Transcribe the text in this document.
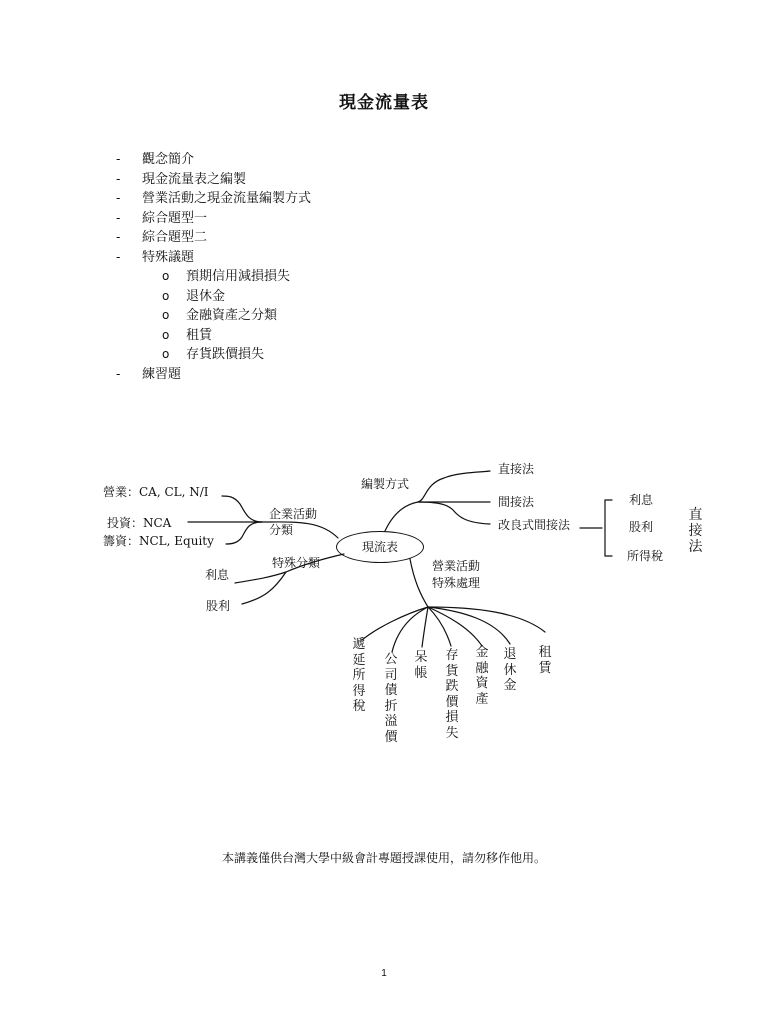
現金流量表
- 觀念簡介
- 現金流量表之編製
- 營業活動之現金流量編製方式
- 綜合題型一
- 綜合題型二
- 特殊議題
o 預期信用減損損失
o 退休金
o 金融資產之分類
o 租賃
o 存貨跌價損失
- 練習題
現流表
企業活動
分類
營業：CA, CL, N/I
投資：NCA
籌資：NCL, Equity
特殊分類
利息
股利
編製方式
直接法
間接法
改良式間接法
利息
股利
所得稅
直接法
營業活動
特殊處理
遞延所得稅
公司債折溢價
呆帳
存貨跌價損失
金融資產
退休金
租賃
本講義僅供台灣大學中級會計專題授課使用，請勿移作他用。
1
